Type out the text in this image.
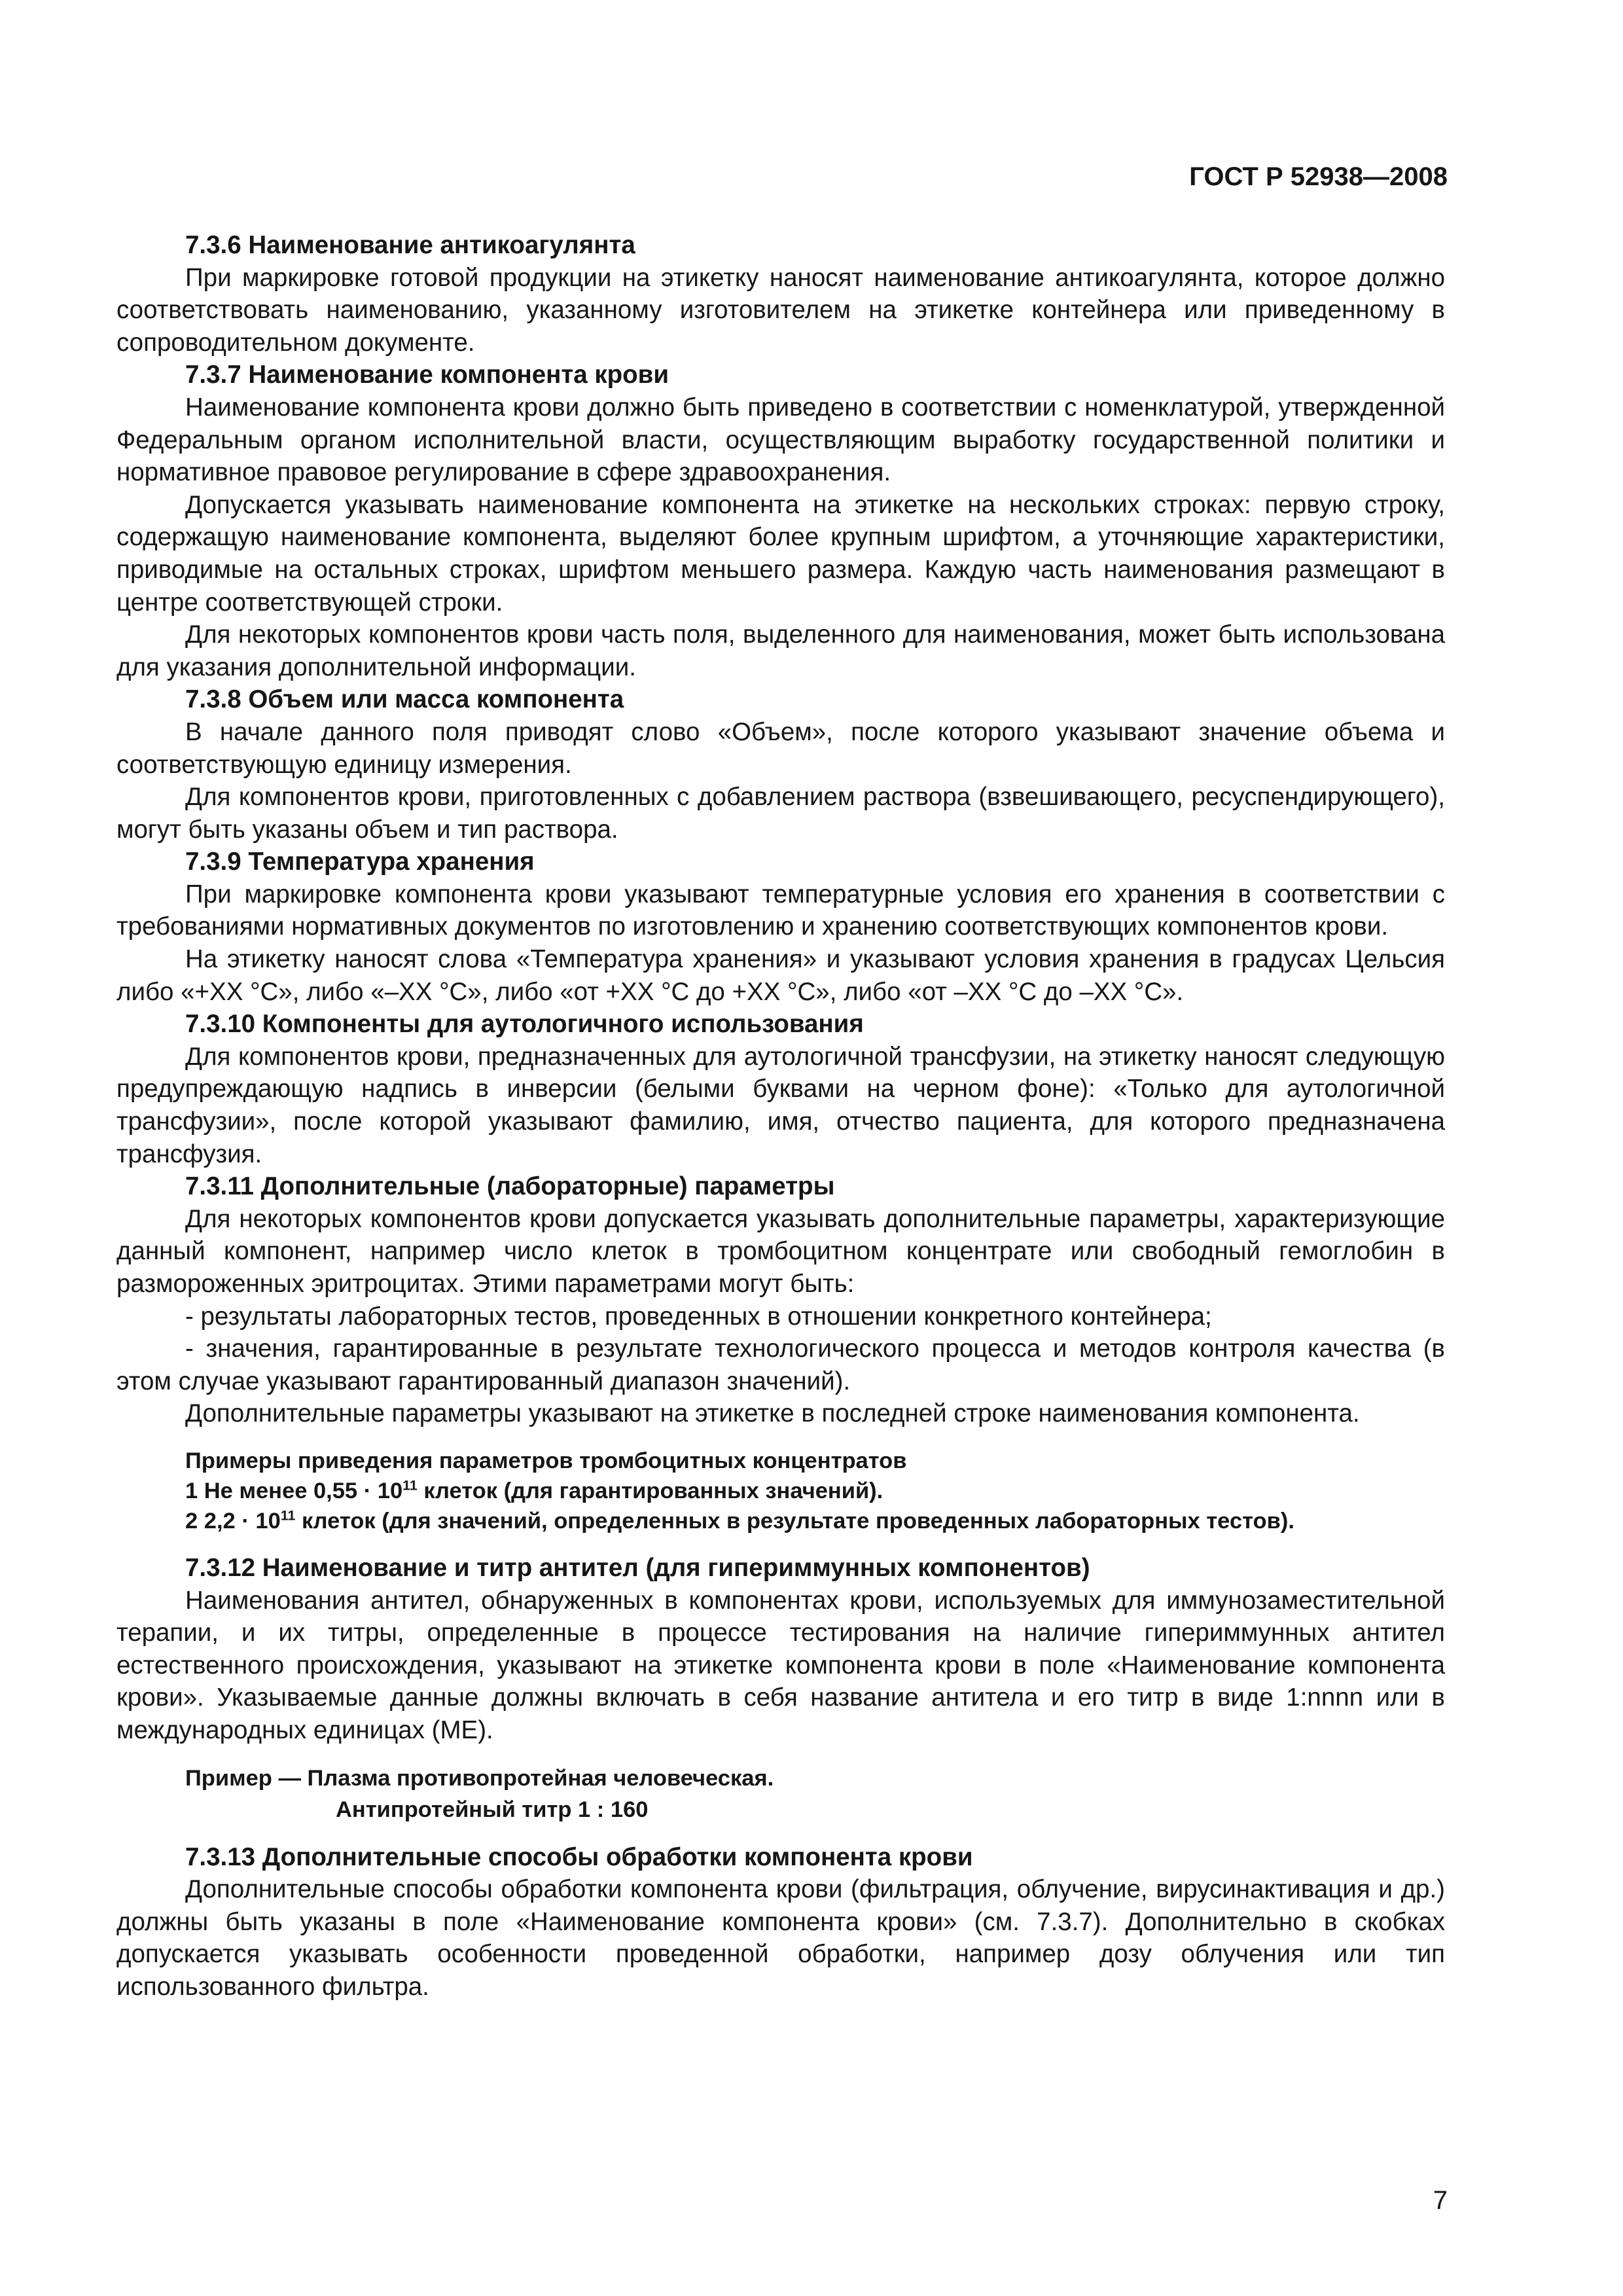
ГОСТ Р 52938—2008
7.3.6 Наименование антикоагулянта

При маркировке готовой продукции на этикетку наносят наименование антикоагулянта, которое должно соответствовать наименованию, указанному изготовителем на этикетке контейнера или приведенному в сопроводительном документе.

7.3.7 Наименование компонента крови

Наименование компонента крови должно быть приведено в соответствии с номенклатурой, утвержденной Федеральным органом исполнительной власти, осуществляющим выработку государственной политики и нормативное правовое регулирование в сфере здравоохранения.

Допускается указывать наименование компонента на этикетке на нескольких строках: первую строку, содержащую наименование компонента, выделяют более крупным шрифтом, а уточняющие характеристики, приводимые на остальных строках, шрифтом меньшего размера. Каждую часть наименования размещают в центре соответствующей строки.

Для некоторых компонентов крови часть поля, выделенного для наименования, может быть использована для указания дополнительной информации.

7.3.8 Объем или масса компонента

В начале данного поля приводят слово «Объем», после которого указывают значение объема и соответствующую единицу измерения.

Для компонентов крови, приготовленных с добавлением раствора (взвешивающего, ресуспендирующего), могут быть указаны объем и тип раствора.

7.3.9 Температура хранения

При маркировке компонента крови указывают температурные условия его хранения в соответствии с требованиями нормативных документов по изготовлению и хранению соответствующих компонентов крови.

На этикетку наносят слова «Температура хранения» и указывают условия хранения в градусах Цельсия либо «+XX °С», либо «–XX °С», либо «от +XX °С до +XX °С», либо «от –XX °С до –XX °С».

7.3.10 Компоненты для аутологичного использования

Для компонентов крови, предназначенных для аутологичной трансфузии, на этикетку наносят следующую предупреждающую надпись в инверсии (белыми буквами на черном фоне): «Только для аутологичной трансфузии», после которой указывают фамилию, имя, отчество пациента, для которого предназначена трансфузия.

7.3.11 Дополнительные (лабораторные) параметры

Для некоторых компонентов крови допускается указывать дополнительные параметры, характеризующие данный компонент, например число клеток в тромбоцитном концентрате или свободный гемоглобин в размороженных эритроцитах. Этими параметрами могут быть:

- результаты лабораторных тестов, проведенных в отношении конкретного контейнера;

- значения, гарантированные в результате технологического процесса и методов контроля качества (в этом случае указывают гарантированный диапазон значений).

Дополнительные параметры указывают на этикетке в последней строке наименования компонента.

Примеры приведения параметров тромбоцитных концентратов
1 Не менее $0,55 \cdot 10^{11}$ клеток (для гарантированных значений).
2 $2,2 \cdot 10^{11}$ клеток (для значений, определенных в результате проведенных лабораторных тестов).
7.3.12 Наименование и титр антител (для гипериммунных компонентов)

Наименования антител, обнаруженных в компонентах крови, используемых для иммунозаместительной терапии, и их титры, определенные в процессе тестирования на наличие гипериммунных антител естественного происхождения, указывают на этикетке компонента крови в поле «Наименование компонента крови». Указываемые данные должны включать в себя название антитела и его титр в виде 1:nnnn или в международных единицах (МЕ).

Пример — Плазма противопротейная человеческая.
Антипротейный титр 1 : 160
7.3.13 Дополнительные способы обработки компонента крови

Дополнительные способы обработки компонента крови (фильтрация, облучение, вирусинактивация и др.) должны быть указаны в поле «Наименование компонента крови» (см. 7.3.7). Дополнительно в скобках допускается указывать особенности проведенной обработки, например дозу облучения или тип использованного фильтра.

7
